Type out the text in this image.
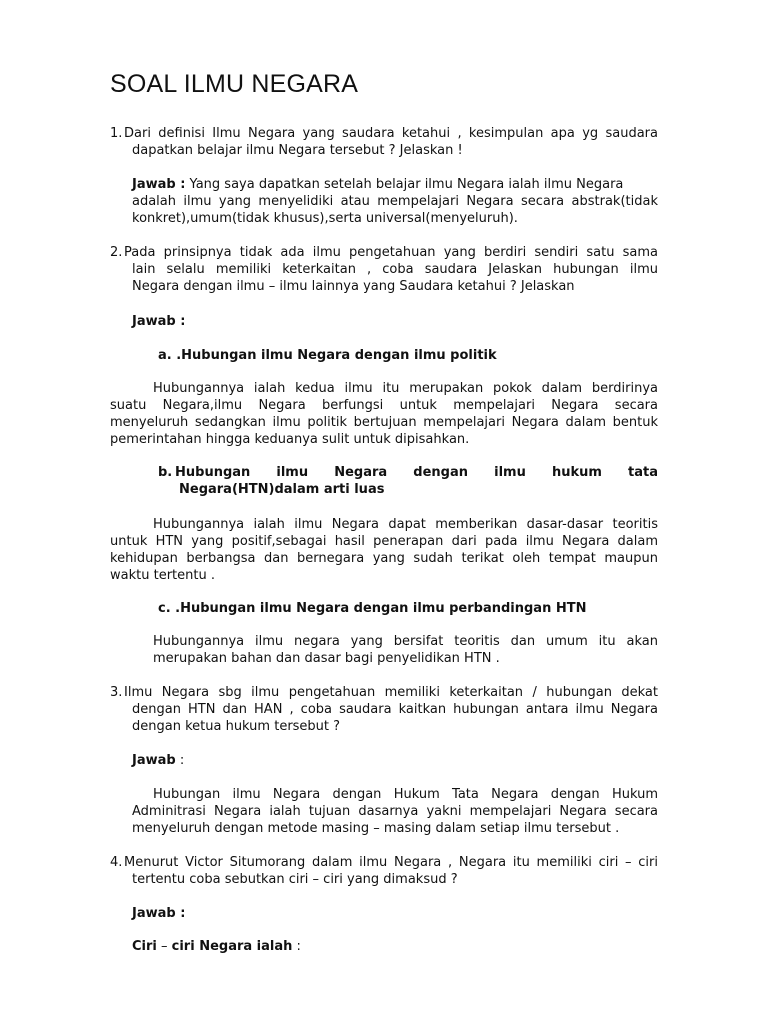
SOAL ILMU NEGARA
1. Dari definisi Ilmu Negara yang saudara ketahui , kesimpulan apa yg saudara
dapatkan belajar ilmu Negara tersebut ? Jelaskan !
Jawab : Yang saya dapatkan setelah belajar ilmu Negara ialah ilmu Negara
adalah ilmu yang menyelidiki atau mempelajari Negara secara abstrak(tidak
konkret),umum(tidak khusus),serta universal(menyeluruh).
2. Pada prinsipnya tidak ada ilmu pengetahuan yang berdiri sendiri satu sama
lain selalu memiliki keterkaitan , coba saudara Jelaskan hubungan ilmu
Negara dengan ilmu – ilmu lainnya yang Saudara ketahui ? Jelaskan
Jawab :
a. .Hubungan ilmu Negara dengan ilmu politik
Hubungannya ialah kedua ilmu itu merupakan pokok dalam berdirinya
suatu Negara,ilmu Negara berfungsi untuk mempelajari Negara secara
menyeluruh sedangkan ilmu politik bertujuan mempelajari Negara dalam bentuk
pemerintahan hingga keduanya sulit untuk dipisahkan.
b. Hubungan ilmu Negara dengan ilmu hukum tata
Negara(HTN)dalam arti luas
Hubungannya ialah ilmu Negara dapat memberikan dasar-dasar teoritis
untuk HTN yang positif,sebagai hasil penerapan dari pada ilmu Negara dalam
kehidupan berbangsa dan bernegara yang sudah terikat oleh tempat maupun
waktu tertentu .
c. .Hubungan ilmu Negara dengan ilmu perbandingan HTN
Hubungannya ilmu negara yang bersifat teoritis dan umum itu akan
merupakan bahan dan dasar bagi penyelidikan HTN .
3. Ilmu Negara sbg ilmu pengetahuan memiliki keterkaitan / hubungan dekat
dengan HTN dan HAN , coba saudara kaitkan hubungan antara ilmu Negara
dengan ketua hukum tersebut ?
Jawab :
Hubungan ilmu Negara dengan Hukum Tata Negara dengan Hukum
Adminitrasi Negara ialah tujuan dasarnya yakni mempelajari Negara secara
menyeluruh dengan metode masing – masing dalam setiap ilmu tersebut .
4. Menurut Victor Situmorang dalam ilmu Negara , Negara itu memiliki ciri – ciri
tertentu coba sebutkan ciri – ciri yang dimaksud ?
Jawab :
Ciri – ciri Negara ialah :
